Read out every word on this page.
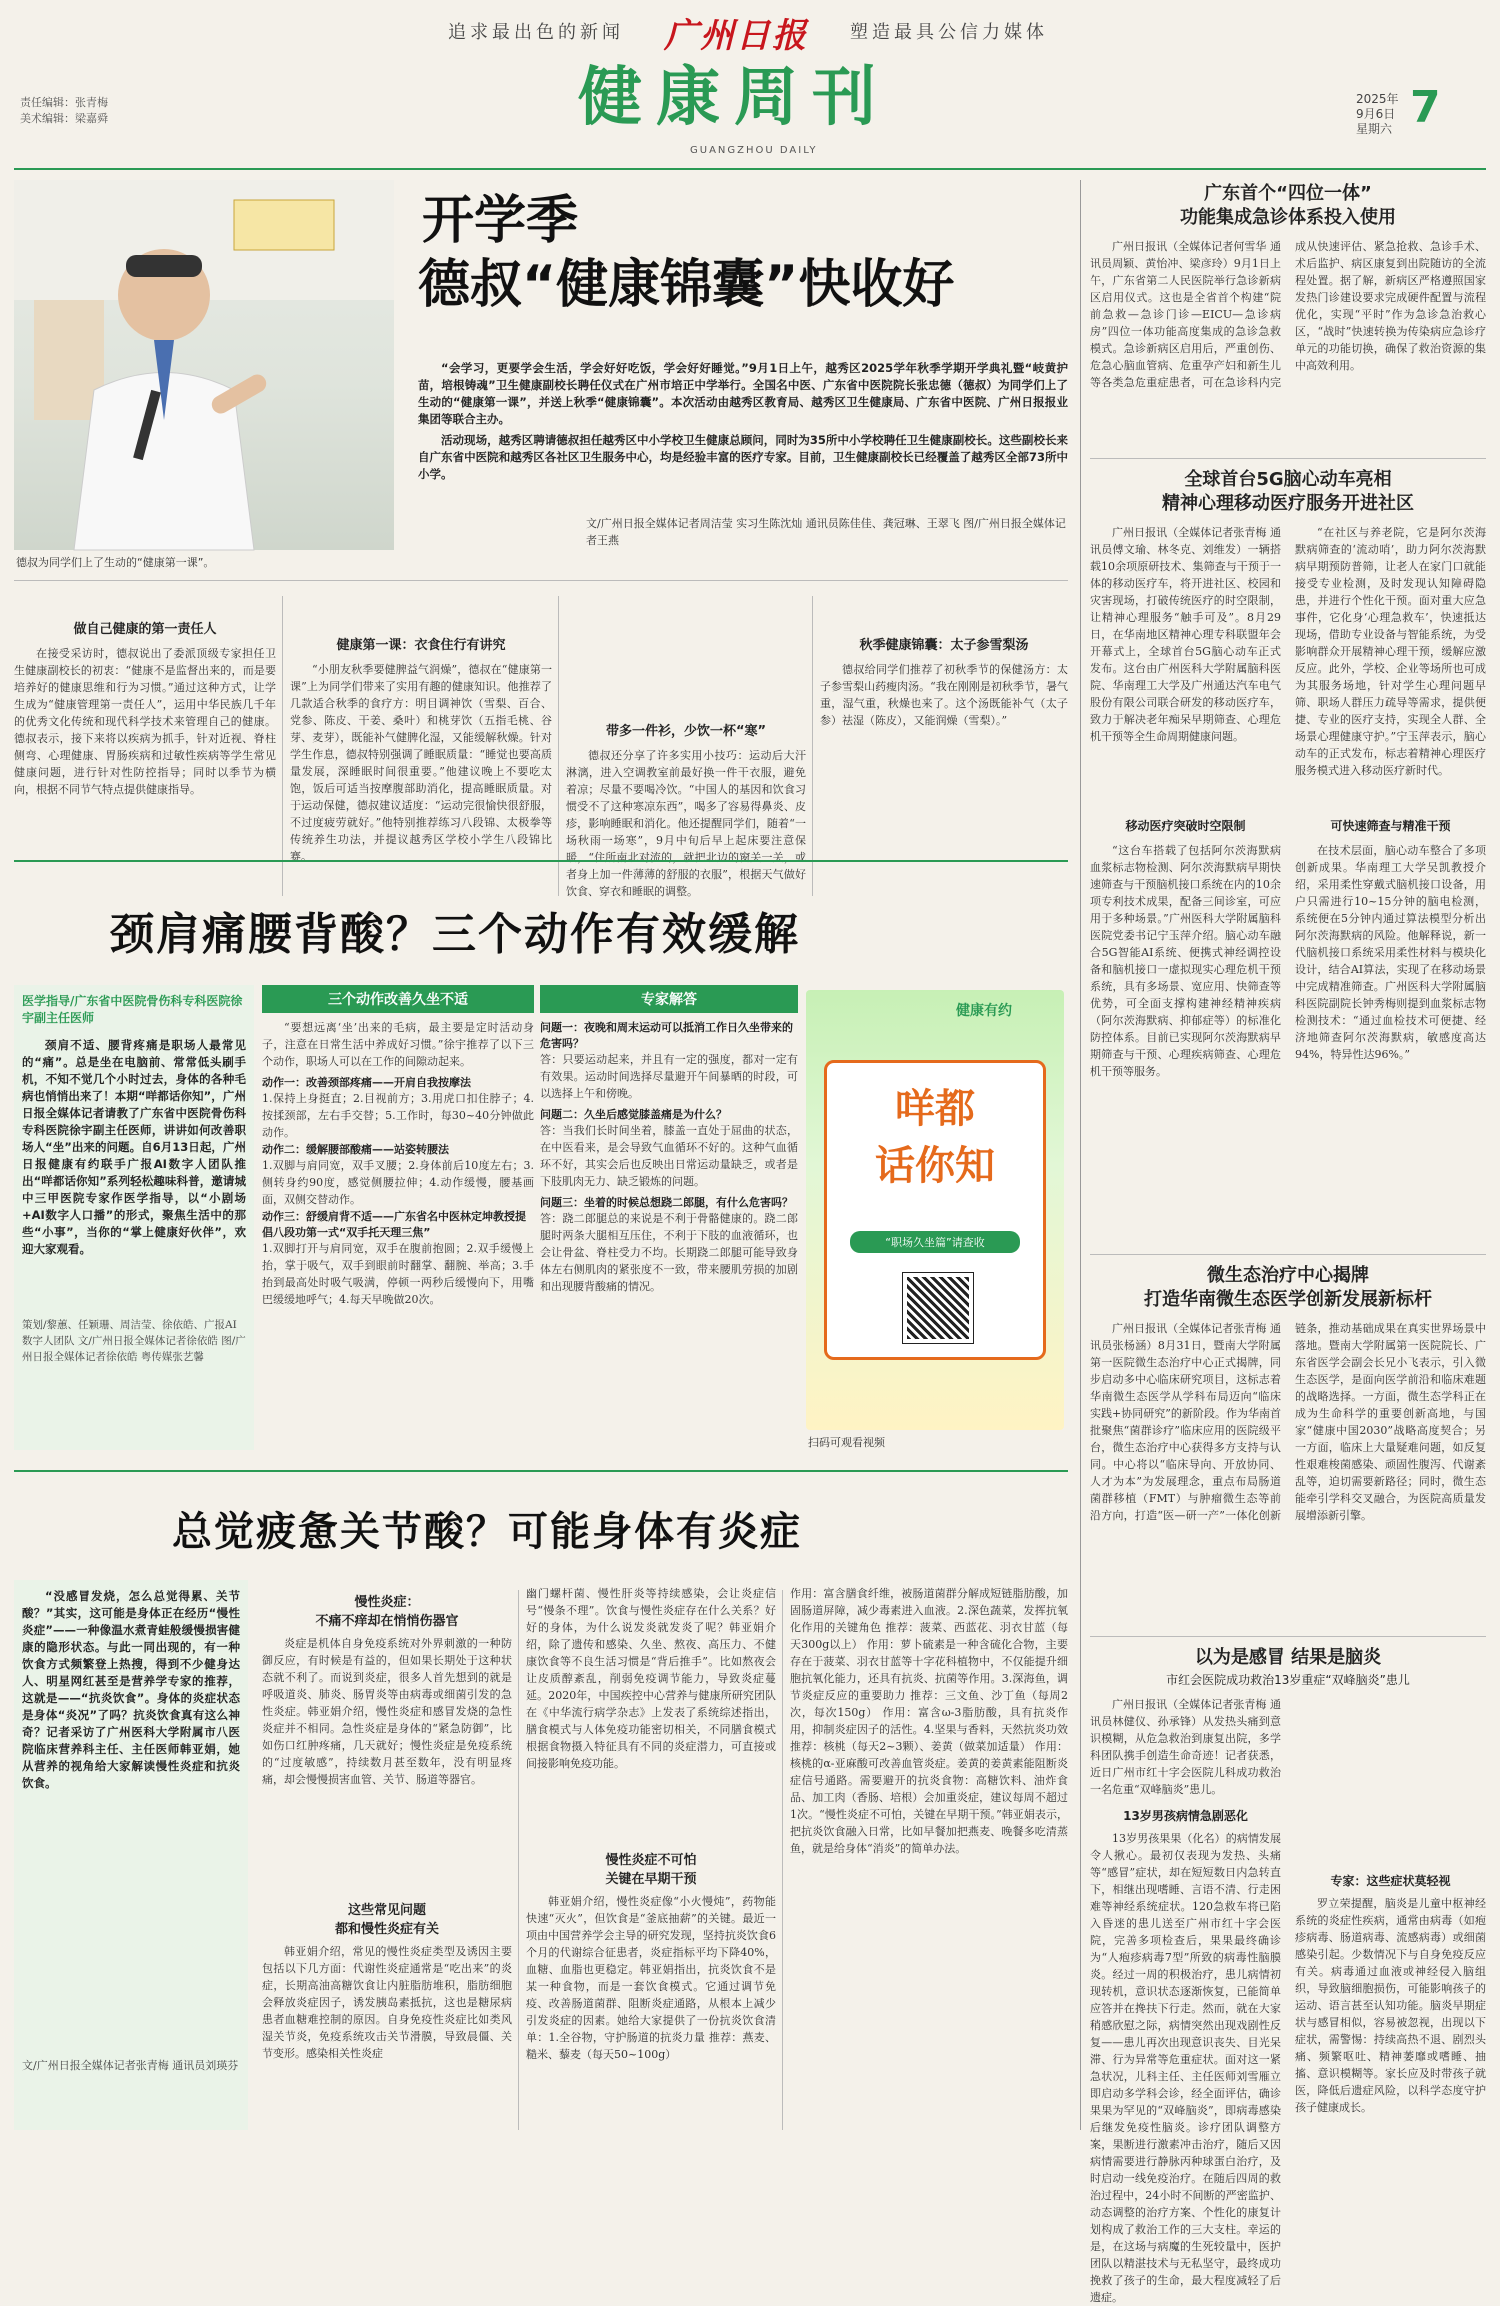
追求最出色的新闻 广州日报 塑造最具公信力媒体
健康周刊
GUANGZHOU DAILY
责任编辑：张青梅
美术编辑：梁嘉舜
2025年
9月6日
星期六 7
德叔为同学们上了生动的“健康第一课”。
开学季
德叔“健康锦囊”快收好

“会学习，更要学会生活，学会好好吃饭，学会好好睡觉。”9月1日上午，越秀区2025学年秋季学期开学典礼暨“岐黄护苗，培根铸魂”卫生健康副校长聘任仪式在广州市培正中学举行。全国名中医、广东省中医院院长张忠德（德叔）为同学们上了生动的“健康第一课”，并送上秋季“健康锦囊”。本次活动由越秀区教育局、越秀区卫生健康局、广东省中医院、广州日报报业集团等联合主办。

活动现场，越秀区聘请德叔担任越秀区中小学校卫生健康总顾问，同时为35所中小学校聘任卫生健康副校长。这些副校长来自广东省中医院和越秀区各社区卫生服务中心，均是经验丰富的医疗专家。目前，卫生健康副校长已经覆盖了越秀区全部73所中小学。

文/广州日报全媒体记者周洁莹 实习生陈沈灿 通讯员陈佳佳、龚冠琳、王翠飞 图/广州日报全媒体记者王燕
做自己健康的第一责任人
在接受采访时，德叔说出了委派顶级专家担任卫生健康副校长的初衷：“健康不是监督出来的，而是要培养好的健康思维和行为习惯。”通过这种方式，让学生成为“健康管理第一责任人”，运用中华民族几千年的优秀文化传统和现代科学技术来管理自己的健康。德叔表示，接下来将以疾病为抓手，针对近视、脊柱侧弯、心理健康、胃肠疾病和过敏性疾病等学生常见健康问题，进行针对性防控指导；同时以季节为横向，根据不同节气特点提供健康指导。
健康第一课：衣食住行有讲究
“小朋友秋季要健脾益气润燥”，德叔在“健康第一课”上为同学们带来了实用有趣的健康知识。他推荐了几款适合秋季的食疗方：明目调神饮（雪梨、百合、党参、陈皮、干姜、桑叶）和桃芽饮（五指毛桃、谷芽、麦芽），既能补气健脾化湿，又能缓解秋燥。针对学生作息，德叔特别强调了睡眠质量：“睡觉也要高质量发展，深睡眠时间很重要。”他建议晚上不要吃太饱，饭后可适当按摩腹部助消化，提高睡眠质量。对于运动保健，德叔建议适度：“运动完很愉快很舒服，不过度疲劳就好。”他特别推荐练习八段锦、太极拳等传统养生功法，并提议越秀区学校小学生八段锦比赛。
带多一件衫，少饮一杯“寒”
德叔还分享了许多实用小技巧：运动后大汗淋漓，进入空调教室前最好换一件干衣服，避免着凉；尽量不要喝冷饮。“中国人的基因和饮食习惯受不了这种寒凉东西”，喝多了容易得鼻炎、皮疹，影响睡眠和消化。他还提醒同学们，随着“一场秋雨一场寒”，9月中旬后早上起床要注意保暖，“住所南北对流的，就把北边的窗关一关，或者身上加一件薄薄的舒服的衣服”，根据天气做好饮食、穿衣和睡眠的调整。
秋季健康锦囊：太子参雪梨汤
德叔给同学们推荐了初秋季节的保健汤方：太子参雪梨山药瘦肉汤。“我在刚刚是初秋季节，暑气重，湿气重，秋燥也来了。这个汤既能补气（太子参）祛湿（陈皮），又能润燥（雪梨）。”
颈肩痛腰背酸？三个动作有效缓解
医学指导/广东省中医院骨伤科专科医院徐宇副主任医师
颈肩不适、腰背疼痛是职场人最常见的“痛”。总是坐在电脑前、常常低头刷手机，不知不觉几个小时过去，身体的各种毛病也悄悄出来了！本期“咩都话你知”，广州日报全媒体记者请教了广东省中医院骨伤科专科医院徐宇副主任医师，讲讲如何改善职场人“坐”出来的问题。自6月13日起，广州日报健康有约联手广报AI数字人团队推出“咩都话你知”系列轻松趣味科普，邀请城中三甲医院专家作医学指导，以“小剧场+AI数字人口播”的形式，聚焦生活中的那些“小事”，当你的“掌上健康好伙伴”，欢迎大家观看。
策划/黎蕙、任颖珊、周洁莹、徐依皓、广报AI数字人团队 文/广州日报全媒体记者徐依皓 图/广州日报全媒体记者徐依皓 粤传媒张艺馨
三个动作改善久坐不适
“要想远离‘坐’出来的毛病，最主要是定时活动身子，注意在日常生活中养成好习惯。”徐宇推荐了以下三个动作，职场人可以在工作的间隙动起来。
动作一：改善颈部疼痛——开肩自我按摩法
1.保持上身挺直；2.目视前方；3.用虎口扣住脖子；4.按揉颈部，左右手交替；5.工作时，每30~40分钟做此动作。
动作二：缓解腰部酸痛——站姿转腰法
1.双脚与肩同宽，双手叉腰；2.身体前后10度左右；3.侧转身约90度，感觉侧腰拉伸；4.动作缓慢，腰基画面，双侧交替动作。
动作三：舒缓肩背不适——广东省名中医林定坤教授提倡八段功第一式“双手托天理三焦”
1.双脚打开与肩同宽，双手在腹前抱圆；2.双手缓慢上抬，掌于吸气，双手到眼前时翻掌、翻腕、举高；3.手抬到最高处时吸气吸满，停顿一两秒后缓慢向下，用嘴巴缓缓地呼气；4.每天早晚做20次。
专家解答
问题一：夜晚和周末运动可以抵消工作日久坐带来的危害吗？
答：只要运动起来，并且有一定的强度，都对一定有有效果。运动时间选择尽量避开午间暴晒的时段，可以选择上午和傍晚。
问题二：久坐后感觉膝盖痛是为什么？
答：当我们长时间坐着，膝盖一直处于屈曲的状态，在中医看来，是会导致气血循环不好的。这种气血循环不好，其实会后也反映出日常运动量缺乏，或者是下肢肌肉无力、缺乏锻炼的问题。
问题三：坐着的时候总想跷二郎腿，有什么危害吗？
答：跷二郎腿总的来说是不利于骨骼健康的。跷二郎腿时两条大腿相互压住，不利于下肢的血液循环，也会让骨盆、脊柱受力不均。长期跷二郎腿可能导致身体左右侧肌肉的紧张度不一致，带来腰肌劳损的加剧和出现腰背酸痛的情况。
健康有约
咩都
话你知
“职场久坐篇”请查收
扫码可观看视频
总觉疲惫关节酸？可能身体有炎症
“没感冒发烧，怎么总觉得累、关节酸？”其实，这可能是身体正在经历“慢性炎症”——一种像温水煮青蛙般缓慢损害健康的隐形状态。与此一同出现的，有一种饮食方式频繁登上热搜，得到不少健身达人、明星网红甚至是营养学专家的推荐，这就是——“抗炎饮食”。身体的炎症状态是身体“炎况”了吗？抗炎饮食真有这么神奇？记者采访了广州医科大学附属市八医院临床营养科主任、主任医师韩亚娟，她从营养的视角给大家解读慢性炎症和抗炎饮食。
文/广州日报全媒体记者张青梅 通讯员刘瑛芬
慢性炎症：
不痛不痒却在悄悄伤器官
炎症是机体自身免疫系统对外界刺激的一种防御反应，有时候是有益的，但如果长期处于这种状态就不利了。而说到炎症，很多人首先想到的就是呼吸道炎、肺炎、肠胃炎等由病毒或细菌引发的急性炎症。韩亚娟介绍，慢性炎症和感冒发烧的急性炎症并不相同。急性炎症是身体的“紧急防御”，比如伤口红肿疼痛，几天就好；慢性炎症是免疫系统的“过度敏感”，持续数月甚至数年，没有明显疼痛，却会慢慢损害血管、关节、肠道等器官。
这些常见问题
都和慢性炎症有关
韩亚娟介绍，常见的慢性炎症类型及诱因主要包括以下几方面：代谢性炎症通常是“吃出来”的炎症，长期高油高糖饮食让内脏脂肪堆积，脂肪细胞会释放炎症因子，诱发胰岛素抵抗，这也是糖尿病患者血糖难控制的原因。自身免疫性炎症比如类风湿关节炎，免疫系统攻击关节滑膜，导致晨僵、关节变形。感染相关性炎症
幽门螺杆菌、慢性肝炎等持续感染，会让炎症信号“慢条不理”。饮食与慢性炎症存在什么关系？好好的身体，为什么说发炎就发炎了呢？韩亚娟介绍，除了遗传和感染、久坐、熬夜、高压力、不健康饮食等不良生活习惯是“背后推手”。比如熬夜会让皮质醇紊乱，削弱免疫调节能力，导致炎症蔓延。2020年，中国疾控中心营养与健康所研究团队在《中华流行病学杂志》上发表了系统综述指出，膳食模式与人体免疫功能密切相关，不同膳食模式根据食物摄入特征具有不同的炎症潜力，可直接或间接影响免疫功能。
慢性炎症不可怕
关键在早期干预
韩亚娟介绍，慢性炎症像“小火慢炖”，药物能快速“灭火”，但饮食是“釜底抽薪”的关键。最近一项由中国营养学会主导的研究发现，坚持抗炎饮食6个月的代谢综合征患者，炎症指标平均下降40%，血糖、血脂也更稳定。韩亚娟指出，抗炎饮食不是某一种食物，而是一套饮食模式。它通过调节免疫、改善肠道菌群、阻断炎症通路，从根本上减少引发炎症的因素。她给大家提供了一份抗炎饮食清单：1.全谷物，守护肠道的抗炎力量 推荐：燕麦、糙米、藜麦（每天50~100g）
作用：富含膳食纤维，被肠道菌群分解成短链脂肪酸，加固肠道屏障，减少毒素进入血液。2.深色蔬菜，发挥抗氧化作用的关键角色 推荐：菠菜、西蓝花、羽衣甘蓝（每天300g以上） 作用：萝卜硫素是一种含硫化合物，主要存在于菠菜、羽衣甘蓝等十字花科植物中，不仅能提升细胞抗氧化能力，还具有抗炎、抗菌等作用。3.深海鱼，调节炎症反应的重要助力 推荐：三文鱼、沙丁鱼（每周2次，每次150g） 作用：富含ω-3脂肪酸，具有抗炎作用，抑制炎症因子的活性。4.坚果与香料，天然抗炎功效 推荐：核桃（每天2~3颗）、姜黄（做菜加适量） 作用：核桃的α-亚麻酸可改善血管炎症。姜黄的姜黄素能阻断炎症信号通路。需要避开的抗炎食物：高糖饮料、油炸食品、加工肉（香肠、培根）会加重炎症，建议每周不超过1次。“慢性炎症不可怕，关键在早期干预。”韩亚娟表示，把抗炎饮食融入日常，比如早餐加把燕麦、晚餐多吃清蒸鱼，就是给身体“消炎”的简单办法。
广东首个“四位一体”
功能集成急诊体系投入使用
广州日报讯（全媒体记者何雪华 通讯员周颖、黄怡冲、梁彦玲）9月1日上午，广东省第二人民医院举行急诊新病区启用仪式。这也是全省首个构建“院前急救—急诊门诊—EICU—急诊病房”四位一体功能高度集成的急诊急救模式。急诊新病区启用后，严重创伤、危急心脑血管病、危重孕产妇和新生儿等各类急危重症患者，可在急诊科内完成从快速评估、紧急抢救、急诊手术、术后监护、病区康复到出院随访的全流程处置。据了解，新病区严格遵照国家发热门诊建设要求完成硬件配置与流程优化，实现“平时”作为急诊急治救心区，“战时”快速转换为传染病应急诊疗单元的功能切换，确保了救治资源的集中高效利用。
全球首台5G脑心动车亮相
精神心理移动医疗服务开进社区
广州日报讯（全媒体记者张青梅 通讯员傅文瑜、林冬克、刘维发）一辆搭载10余项原研技术、集筛查与干预于一体的移动医疗车，将开进社区、校园和灾害现场，打破传统医疗的时空限制，让精神心理服务“触手可及”。8月29日，在华南地区精神心理专科联盟年会开幕式上，全球首台5G脑心动车正式发布。这台由广州医科大学附属脑科医院、华南理工大学及广州通达汽车电气股份有限公司联合研发的移动医疗车，致力于解决老年痴呆早期筛查、心理危机干预等全生命周期健康问题。
移动医疗突破时空限制
“这台车搭载了包括阿尔茨海默病血浆标志物检测、阿尔茨海默病早期快速筛查与干预脑机接口系统在内的10余项专利技术成果，配备三间诊室，可应用于多种场景。”广州医科大学附属脑科医院党委书记宁玉萍介绍。脑心动车融合5G智能AI系统、便携式神经调控设备和脑机接口一虚拟现实心理危机干预系统，具有多场景、宽应用、快筛查等优势，可全面支撑构建神经精神疾病（阿尔茨海默病、抑郁症等）的标准化防控体系。目前已实现阿尔茨海默病早期筛查与干预、心理疾病筛查、心理危机干预等服务。
“在社区与养老院，它是阿尔茨海默病筛查的‘流动哨’，助力阿尔茨海默病早期预防普筛，让老人在家门口就能接受专业检测，及时发现认知障碍隐患，并进行个性化干预。面对重大应急事件，它化身‘心理急救车’，快速抵达现场，借助专业设备与智能系统，为受影响群众开展精神心理干预，缓解应激反应。此外，学校、企业等场所也可成为其服务场地，针对学生心理问题早筛、职场人群压力疏导等需求，提供便捷、专业的医疗支持，实现全人群、全场景心理健康守护。”宁玉萍表示，脑心动车的正式发布，标志着精神心理医疗服务模式进入移动医疗新时代。
可快速筛查与精准干预
在技术层面，脑心动车整合了多项创新成果。华南理工大学吴凯教授介绍，采用柔性穿戴式脑机接口设备，用户只需进行10~15分钟的脑电检测，系统便在5分钟内通过算法模型分析出阿尔茨海默病的风险。他解释说，新一代脑机接口系统采用柔性材料与模块化设计，结合AI算法，实现了在移动场景中完成精准筛查。广州医科大学附属脑科医院副院长钟秀梅则提到血浆标志物检测技术：“通过血检技术可便捷、经济地筛查阿尔茨海默病，敏感度高达94%，特异性达96%。”
微生态治疗中心揭牌
打造华南微生态医学创新发展新标杆
广州日报讯（全媒体记者张青梅 通讯员张杨涵）8月31日，暨南大学附属第一医院微生态治疗中心正式揭牌，同步启动多中心临床研究项目，这标志着华南微生态医学从学科布局迈向“临床实践+协同研究”的新阶段。作为华南首批聚焦“菌群诊疗”临床应用的医院级平台，微生态治疗中心获得多方支持与认同。中心将以“临床导向、开放协同、人才为本”为发展理念，重点布局肠道菌群移植（FMT）与肿瘤微生态等前沿方向，打造“医—研一产”一体化创新链条，推动基础成果在真实世界场景中落地。暨南大学附属第一医院院长、广东省医学会副会长兄小飞表示，引入微生态医学，是面向医学前沿和临床难题的战略选择。一方面，微生态学科正在成为生命科学的重要创新高地，与国家“健康中国2030”战略高度契合；另一方面，临床上大量疑难问题，如反复性艰难梭菌感染、顽固性腹泻、代谢紊乱等，迫切需要新路径；同时，微生态能牵引学科交叉融合，为医院高质量发展增添新引擎。
以为是感冒 结果是脑炎
市红会医院成功救治13岁重症“双峰脑炎”患儿
广州日报讯（全媒体记者张青梅 通讯员林健仪、孙承锋）从发热头痛到意识模糊，从危急救治到康复出院，多学科团队携手创造生命奇迹！记者获悉，近日广州市红十字会医院儿科成功救治一名危重“双峰脑炎”患儿。
13岁男孩病情急剧恶化
13岁男孩果果（化名）的病情发展令人揪心。最初仅表现为发热、头痛等“感冒”症状，却在短短数日内急转直下，相继出现嗜睡、言语不清、行走困难等神经系统症状。120急救车将已陷入昏迷的患儿送至广州市红十字会医院，完善多项检查后，果果最终确诊为“人疱疹病毒7型”所致的病毒性脑膜炎。经过一周的积极治疗，患儿病情初现转机，意识状态逐渐恢复，已能简单应答并在搀扶下行走。然而，就在大家稍感欣慰之际，病情突然出现戏剧性反复——患儿再次出现意识丧失、目光呆滞、行为异常等危重症状。面对这一紧急状况，儿科主任、主任医师刘雪雁立即启动多学科会诊，经全面评估，确诊果果为罕见的“双峰脑炎”，即病毒感染后继发免疫性脑炎。诊疗团队调整方案，果断进行激素冲击治疗，随后又因病情需要进行静脉丙种球蛋白治疗，及时启动一线免疫治疗。在随后四周的救治过程中，24小时不间断的严密监护、动态调整的治疗方案、个性化的康复计划构成了救治工作的三大支柱。幸运的是，在这场与病魔的生死较量中，医护团队以精湛技术与无私坚守，最终成功挽救了孩子的生命，最大程度减轻了后遗症。
专家：这些症状莫轻视
罗立荣提醒，脑炎是儿童中枢神经系统的炎症性疾病，通常由病毒（如疱疹病毒、肠道病毒、流感病毒）或细菌感染引起。少数情况下与自身免疫反应有关。病毒通过血液或神经侵入脑组织，导致脑细胞损伤，可能影响孩子的运动、语言甚至认知功能。脑炎早期症状与感冒相似，容易被忽视，出现以下症状，需警惕：持续高热不退、剧烈头痛、频繁呕吐、精神萎靡或嗜睡、抽搐、意识模糊等。家长应及时带孩子就医，降低后遗症风险，以科学态度守护孩子健康成长。
